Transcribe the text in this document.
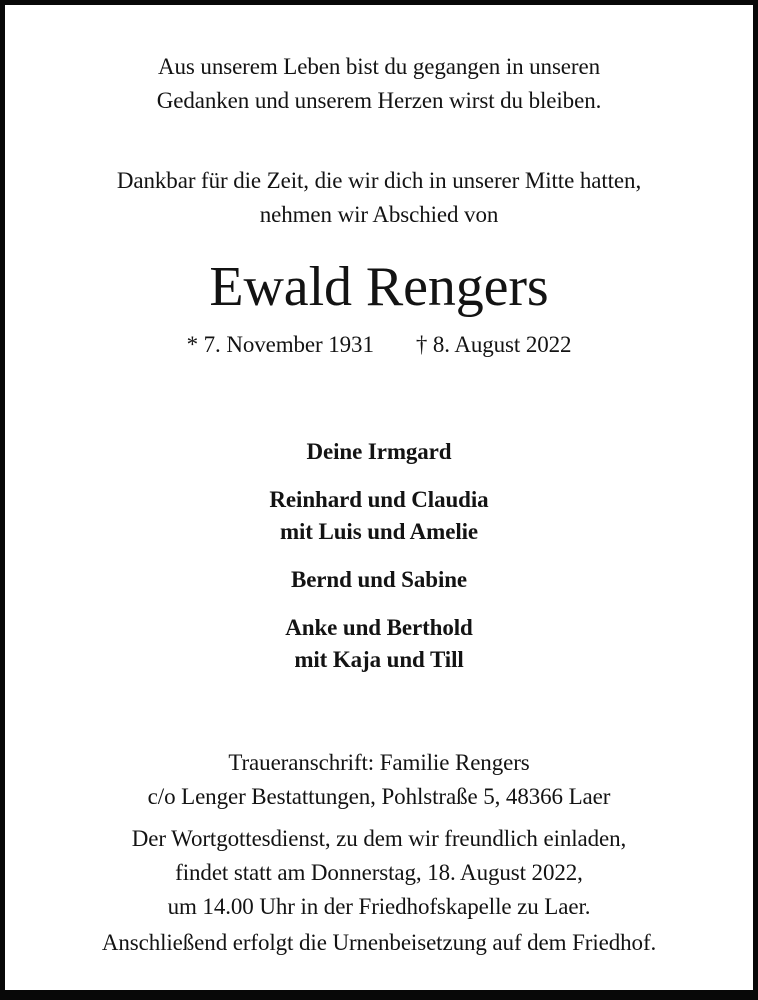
Aus unserem Leben bist du gegangen in unseren
Gedanken und unserem Herzen wirst du bleiben.
Dankbar für die Zeit, die wir dich in unserer Mitte hatten,
nehmen wir Abschied von
Ewald Rengers
* 7. November 1931 † 8. August 2022
Deine Irmgard
Reinhard und Claudia
mit Luis und Amelie
Bernd und Sabine
Anke und Berthold
mit Kaja und Till
Traueranschrift: Familie Rengers
c/o Lenger Bestattungen, Pohlstraße 5, 48366 Laer
Der Wortgottesdienst, zu dem wir freundlich einladen,
findet statt am Donnerstag, 18. August 2022,
um 14.00 Uhr in der Friedhofskapelle zu Laer.
Anschließend erfolgt die Urnenbeisetzung auf dem Friedhof.
